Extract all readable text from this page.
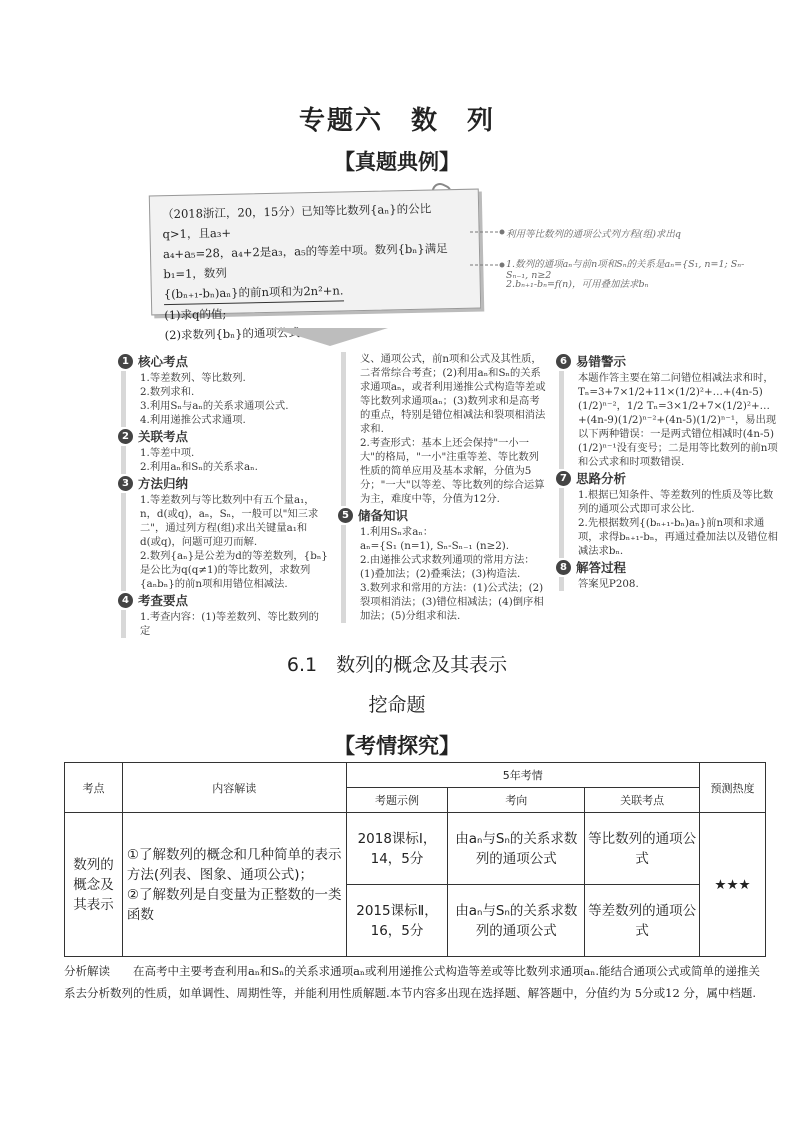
专题六　数　列
【真题典例】
（2018浙江，20，15分）已知等比数列{aₙ}的公比q>1，且a₃+
a₄+a₅=28，a₄+2是a₃，a₅的等差中项。数列{bₙ}满足b₁=1，数列
{(bₙ₊₁-bₙ)aₙ}的前n项和为2n²+n.
(1)求q的值;
(2)求数列{bₙ}的通项公式.
利用等比数列的通项公式列方程(组)求出q
1.数列的通项aₙ与前n项和Sₙ的关系是aₙ={S₁, n=1; Sₙ-Sₙ₋₁, n≥2
2.bₙ₊₁-bₙ=f(n)，可用叠加法求bₙ
1 核心考点
1.等差数列、等比数列.
2.数列求和.
3.利用Sₙ与aₙ的关系求通项公式.
4.利用递推公式求通项.
2 关联考点
1.等差中项.
2.利用aₙ和Sₙ的关系求aₙ.
3 方法归纳
1.等差数列与等比数列中有五个量a₁，n，d(或q)，aₙ，Sₙ，一般可以"知三求二"，通过列方程(组)求出关键量a₁和d(或q)，问题可迎刃而解.
2.数列{aₙ}是公差为d的等差数列，{bₙ}是公比为q(q≠1)的等比数列，求数列{aₙbₙ}的前n项和用错位相减法.
4 考查要点
1.考查内容：(1)等差数列、等比数列的定
义、通项公式，前n项和公式及其性质，二者常综合考查；(2)利用aₙ和Sₙ的关系求通项aₙ，或者利用递推公式构造等差或等比数列求通项aₙ；(3)数列求和是高考的重点，特别是错位相减法和裂项相消法求和.
2.考查形式：基本上还会保持"一小一大"的格局，"一小"注重等差、等比数列性质的简单应用及基本求解，分值为5分；"一大"以等差、等比数列的综合运算为主，难度中等，分值为12分.
5 储备知识
1.利用Sₙ求aₙ：
aₙ={S₁ (n=1), Sₙ-Sₙ₋₁ (n≥2).
2.由递推公式求数列通项的常用方法：(1)叠加法；(2)叠乘法；(3)构造法.
3.数列求和常用的方法：(1)公式法；(2)裂项相消法；(3)错位相减法；(4)倒序相加法；(5)分组求和法.
6 易错警示
本题作答主要在第二问错位相减法求和时，Tₙ=3+7×1/2+11×(1/2)²+…+(4n-5)(1/2)ⁿ⁻²，1/2 Tₙ=3×1/2+7×(1/2)²+…+(4n-9)(1/2)ⁿ⁻²+(4n-5)(1/2)ⁿ⁻¹，易出现以下两种错误：一是两式错位相减时(4n-5)(1/2)ⁿ⁻¹没有变号；二是用等比数列的前n项和公式求和时项数错误.
7 思路分析
1.根据已知条件、等差数列的性质及等比数列的通项公式即可求公比.
2.先根据数列{(bₙ₊₁-bₙ)aₙ}前n项和求通项，求得bₙ₊₁-bₙ，再通过叠加法以及错位相减法求bₙ.
8 解答过程
答案见P208.
6.1　数列的概念及其表示
挖命题
【考情探究】
考点	内容解读	5年考情			预测热度
		考题示例	考向	关联考点	
数列的概念及其表示	①了解数列的概念和几种简单的表示方法(列表、图象、通项公式)；
②了解数列是自变量为正整数的一类函数	2018课标Ⅰ，14，5分	由aₙ与Sₙ的关系求数列的通项公式	等比数列的通项公式	★★★
		2015课标Ⅱ，16，5分	由aₙ与Sₙ的关系求数列的通项公式	等差数列的通项公式	
分析解读　　在高考中主要考查利用aₙ和Sₙ的关系求通项aₙ或利用递推公式构造等差或等比数列求通项aₙ.能结合通项公式或简单的递推关系去分析数列的性质，如单调性、周期性等，并能利用性质解题.本节内容多出现在选择题、解答题中，分值约为 5分或12 分，属中档题.
